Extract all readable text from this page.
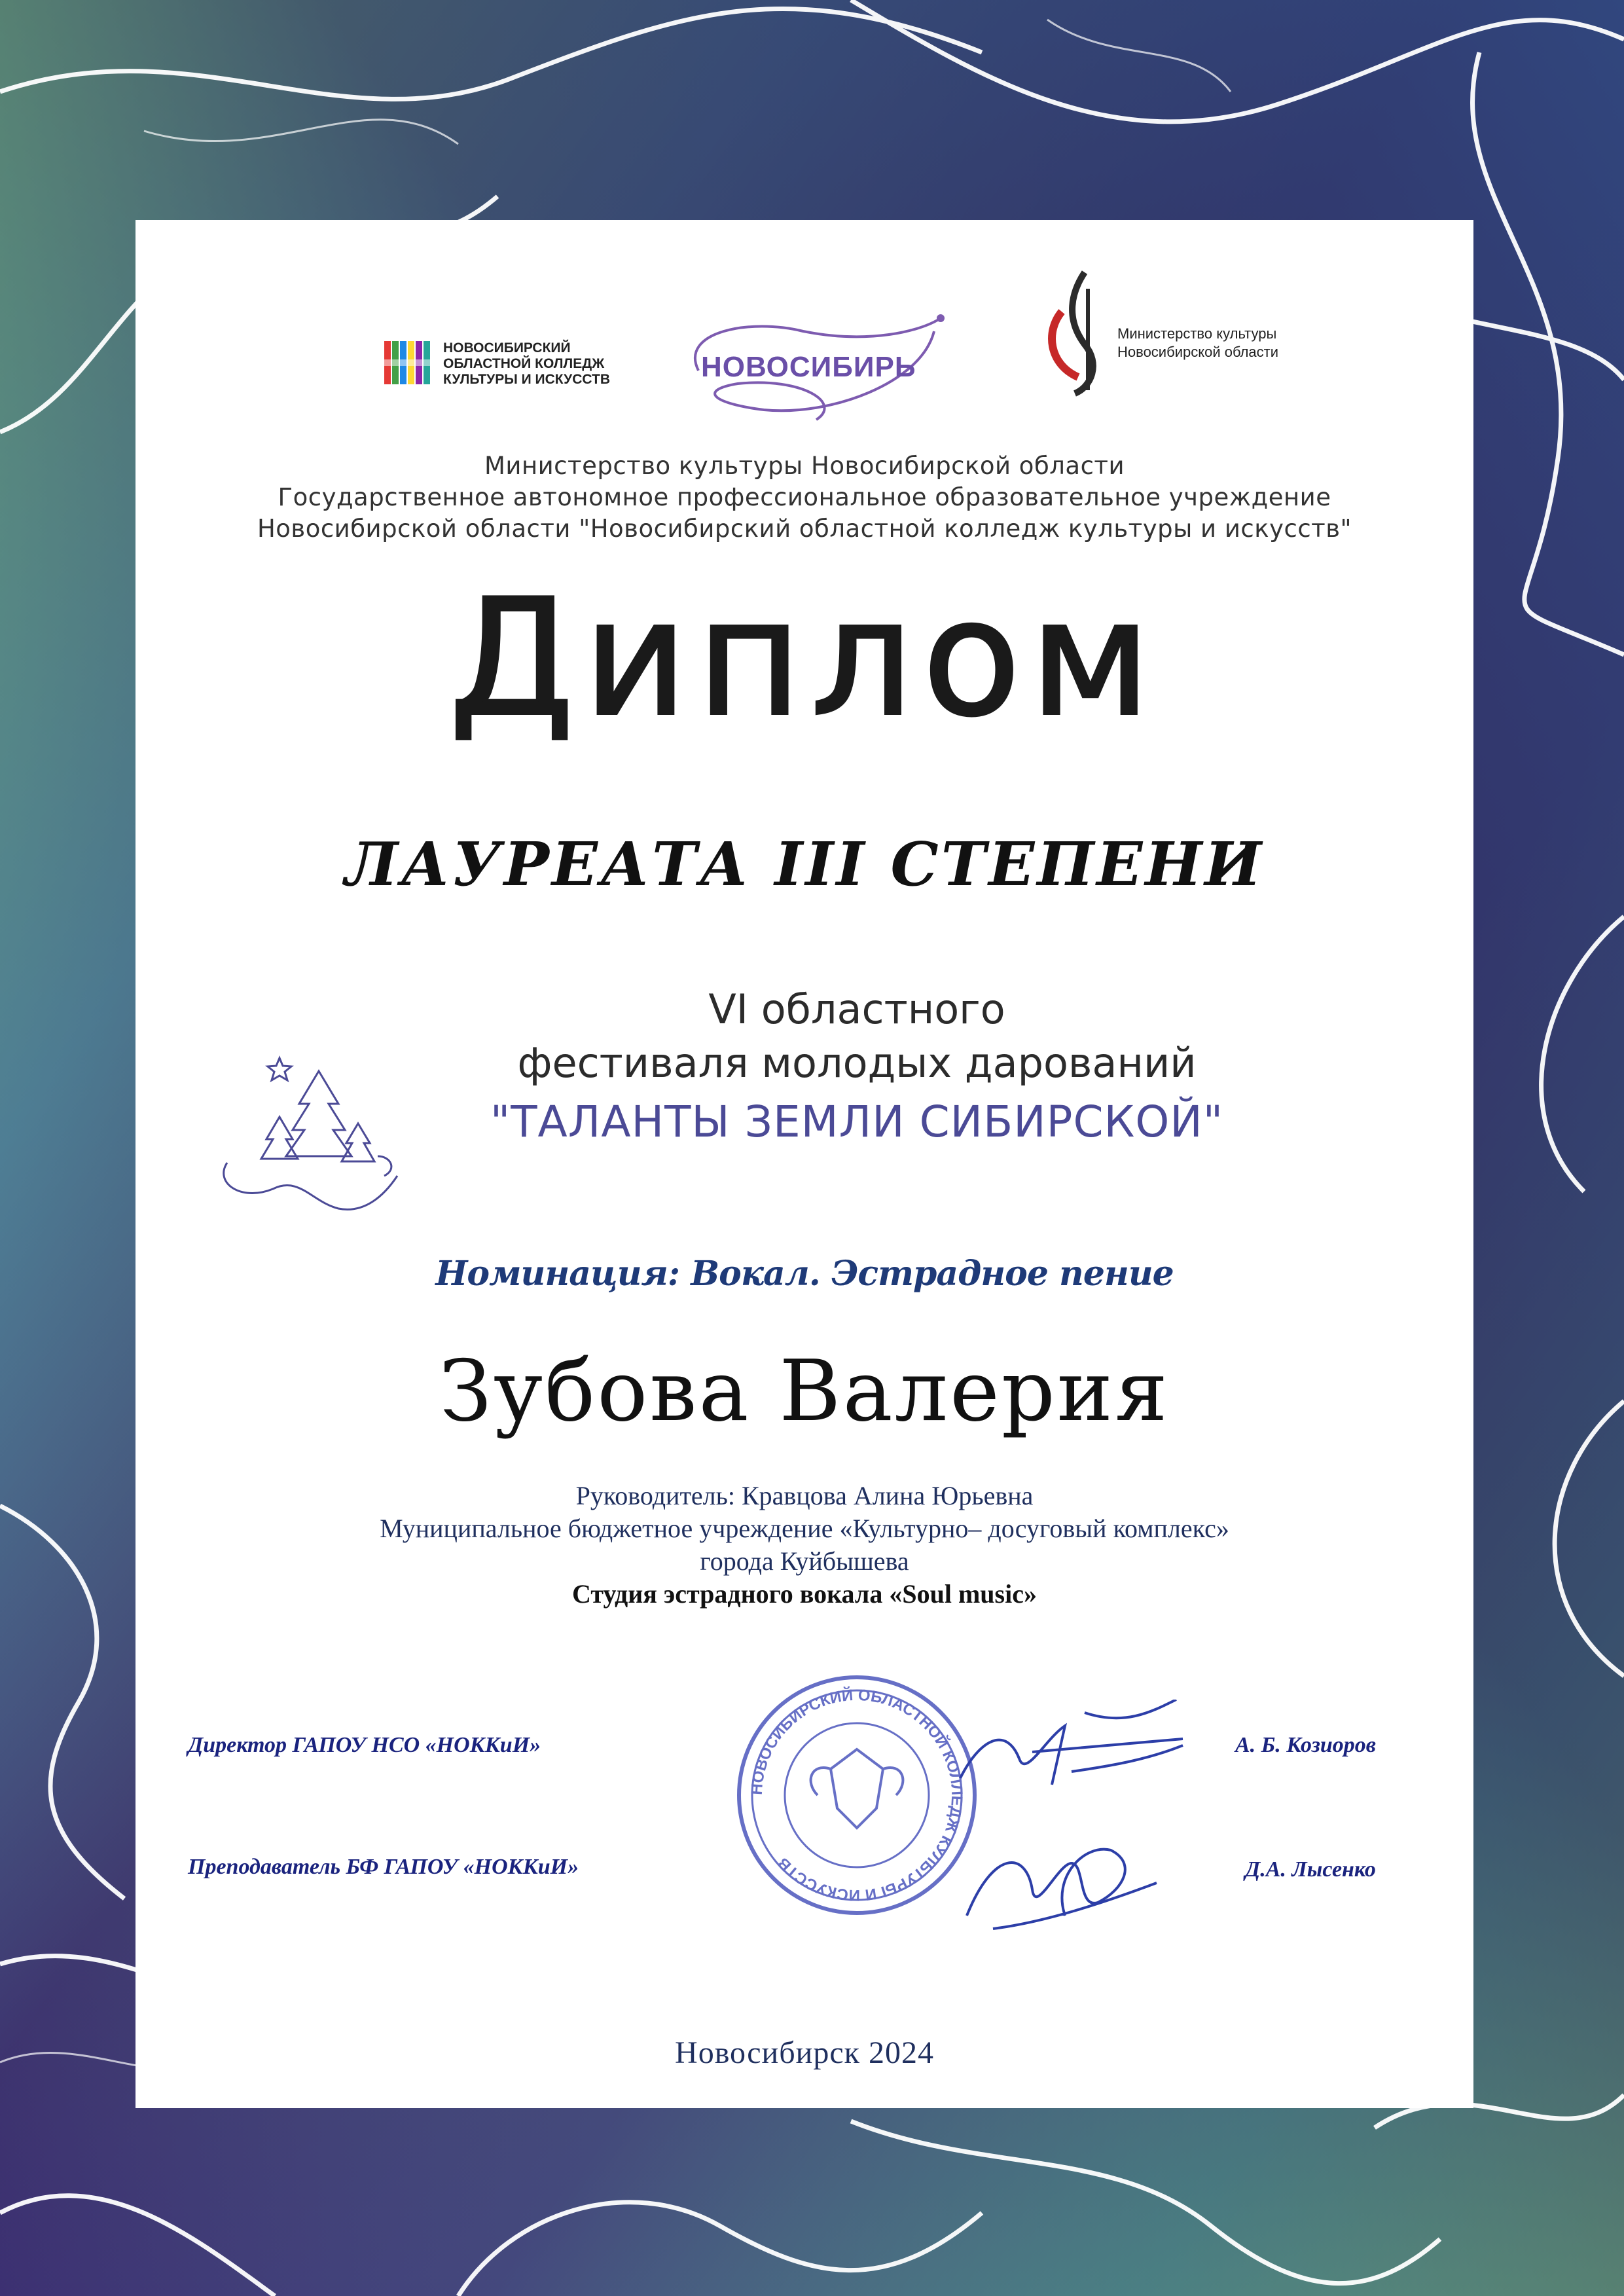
НОВОСИБИРСКИЙ
ОБЛАСТНОЙ КОЛЛЕДЖ
КУЛЬТУРЫ И ИСКУССТВ	НОВОСИБИРЬ
Министерство культуры
Новосибирской области
Министерство культуры Новосибирской области
Государственное автономное профессиональное образовательное учреждение
Новосибирской области "Новосибирский областной колледж культуры и искусств"
Диплом
ЛАУРЕАТА III СТЕПЕНИ
VI областного
фестиваля молодых дарований
"ТАЛАНТЫ ЗЕМЛИ СИБИРСКОЙ"
Номинация: Вокал. Эстрадное пение
Зубова Валерия
Руководитель: Кравцова Алина Юрьевна
Муниципальное бюджетное учреждение «Культурно– досуговый комплекс»
города Куйбышева
Студия эстрадного вокала «Soul music»
НОВОСИБИРСКИЙ ОБЛАСТНОЙ КОЛЛЕДЖ КУЛЬТУРЫ И ИСКУССТВ
Директор ГАПОУ НСО «НОККиИ»	А. Б. Козиоров
Преподаватель БФ ГАПОУ «НОККиИ»	Д.А. Лысенко
Новосибирск 2024
